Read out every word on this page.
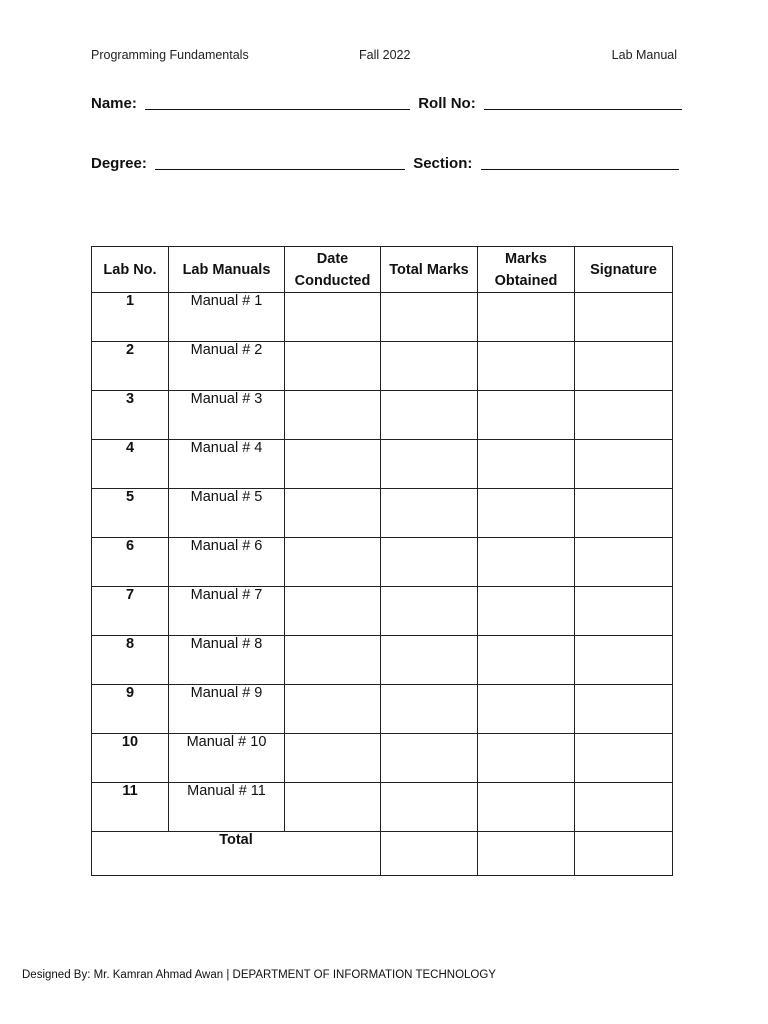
Programming Fundamentals	Fall 2022	Lab Manual
Name:	Roll No:
Degree:	Section:
Lab No.	Lab Manuals	Date Conducted	Total Marks	Marks Obtained	Signature
1	Manual # 1				
2	Manual # 2				
3	Manual # 3				
4	Manual # 4				
5	Manual # 5				
6	Manual # 6				
7	Manual # 7				
8	Manual # 8				
9	Manual # 9				
10	Manual # 10				
11	Manual # 11				
Total					
Designed By: Mr. Kamran Ahmad Awan | DEPARTMENT OF INFORMATION TECHNOLOGY
